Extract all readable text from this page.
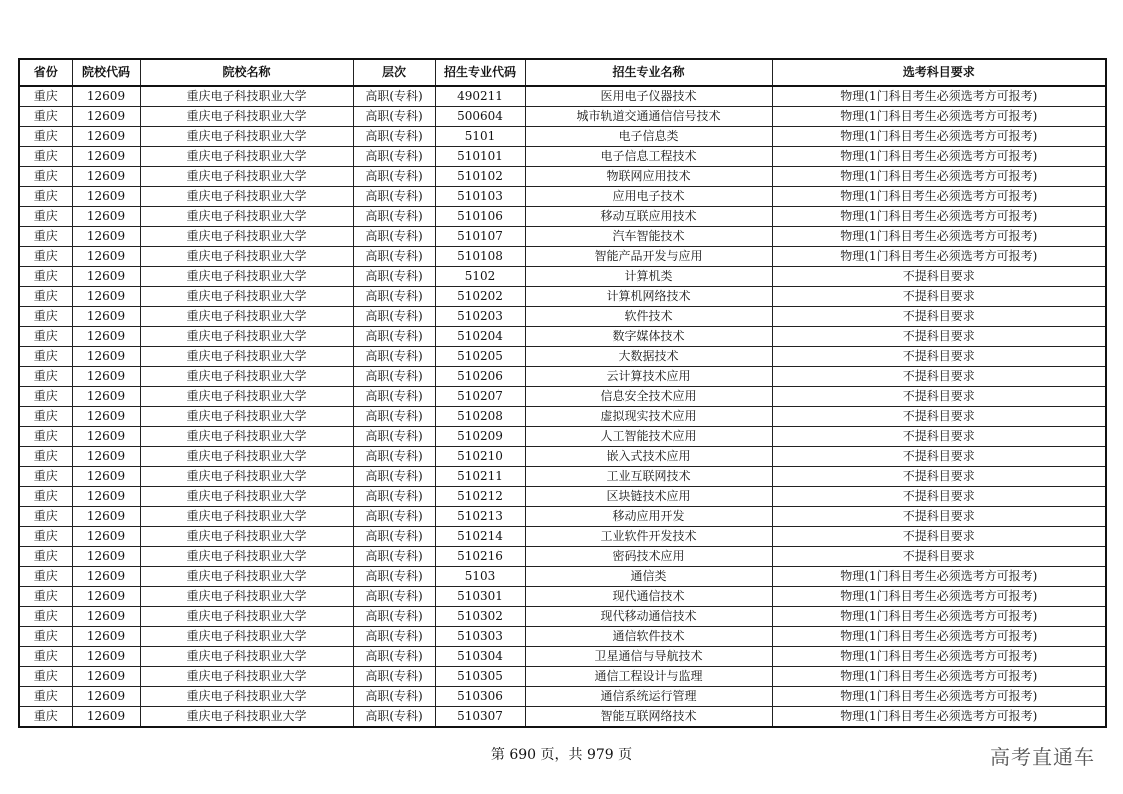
省份	院校代码	院校名称	层次	招生专业代码	招生专业名称	选考科目要求
重庆	12609	重庆电子科技职业大学	高职(专科)	490211	医用电子仪器技术	物理(1门科目考生必须选考方可报考)
重庆	12609	重庆电子科技职业大学	高职(专科)	500604	城市轨道交通通信信号技术	物理(1门科目考生必须选考方可报考)
重庆	12609	重庆电子科技职业大学	高职(专科)	5101	电子信息类	物理(1门科目考生必须选考方可报考)
重庆	12609	重庆电子科技职业大学	高职(专科)	510101	电子信息工程技术	物理(1门科目考生必须选考方可报考)
重庆	12609	重庆电子科技职业大学	高职(专科)	510102	物联网应用技术	物理(1门科目考生必须选考方可报考)
重庆	12609	重庆电子科技职业大学	高职(专科)	510103	应用电子技术	物理(1门科目考生必须选考方可报考)
重庆	12609	重庆电子科技职业大学	高职(专科)	510106	移动互联应用技术	物理(1门科目考生必须选考方可报考)
重庆	12609	重庆电子科技职业大学	高职(专科)	510107	汽车智能技术	物理(1门科目考生必须选考方可报考)
重庆	12609	重庆电子科技职业大学	高职(专科)	510108	智能产品开发与应用	物理(1门科目考生必须选考方可报考)
重庆	12609	重庆电子科技职业大学	高职(专科)	5102	计算机类	不提科目要求
重庆	12609	重庆电子科技职业大学	高职(专科)	510202	计算机网络技术	不提科目要求
重庆	12609	重庆电子科技职业大学	高职(专科)	510203	软件技术	不提科目要求
重庆	12609	重庆电子科技职业大学	高职(专科)	510204	数字媒体技术	不提科目要求
重庆	12609	重庆电子科技职业大学	高职(专科)	510205	大数据技术	不提科目要求
重庆	12609	重庆电子科技职业大学	高职(专科)	510206	云计算技术应用	不提科目要求
重庆	12609	重庆电子科技职业大学	高职(专科)	510207	信息安全技术应用	不提科目要求
重庆	12609	重庆电子科技职业大学	高职(专科)	510208	虚拟现实技术应用	不提科目要求
重庆	12609	重庆电子科技职业大学	高职(专科)	510209	人工智能技术应用	不提科目要求
重庆	12609	重庆电子科技职业大学	高职(专科)	510210	嵌入式技术应用	不提科目要求
重庆	12609	重庆电子科技职业大学	高职(专科)	510211	工业互联网技术	不提科目要求
重庆	12609	重庆电子科技职业大学	高职(专科)	510212	区块链技术应用	不提科目要求
重庆	12609	重庆电子科技职业大学	高职(专科)	510213	移动应用开发	不提科目要求
重庆	12609	重庆电子科技职业大学	高职(专科)	510214	工业软件开发技术	不提科目要求
重庆	12609	重庆电子科技职业大学	高职(专科)	510216	密码技术应用	不提科目要求
重庆	12609	重庆电子科技职业大学	高职(专科)	5103	通信类	物理(1门科目考生必须选考方可报考)
重庆	12609	重庆电子科技职业大学	高职(专科)	510301	现代通信技术	物理(1门科目考生必须选考方可报考)
重庆	12609	重庆电子科技职业大学	高职(专科)	510302	现代移动通信技术	物理(1门科目考生必须选考方可报考)
重庆	12609	重庆电子科技职业大学	高职(专科)	510303	通信软件技术	物理(1门科目考生必须选考方可报考)
重庆	12609	重庆电子科技职业大学	高职(专科)	510304	卫星通信与导航技术	物理(1门科目考生必须选考方可报考)
重庆	12609	重庆电子科技职业大学	高职(专科)	510305	通信工程设计与监理	物理(1门科目考生必须选考方可报考)
重庆	12609	重庆电子科技职业大学	高职(专科)	510306	通信系统运行管理	物理(1门科目考生必须选考方可报考)
重庆	12609	重庆电子科技职业大学	高职(专科)	510307	智能互联网络技术	物理(1门科目考生必须选考方可报考)
第 690 页，共 979 页	高考直通车
